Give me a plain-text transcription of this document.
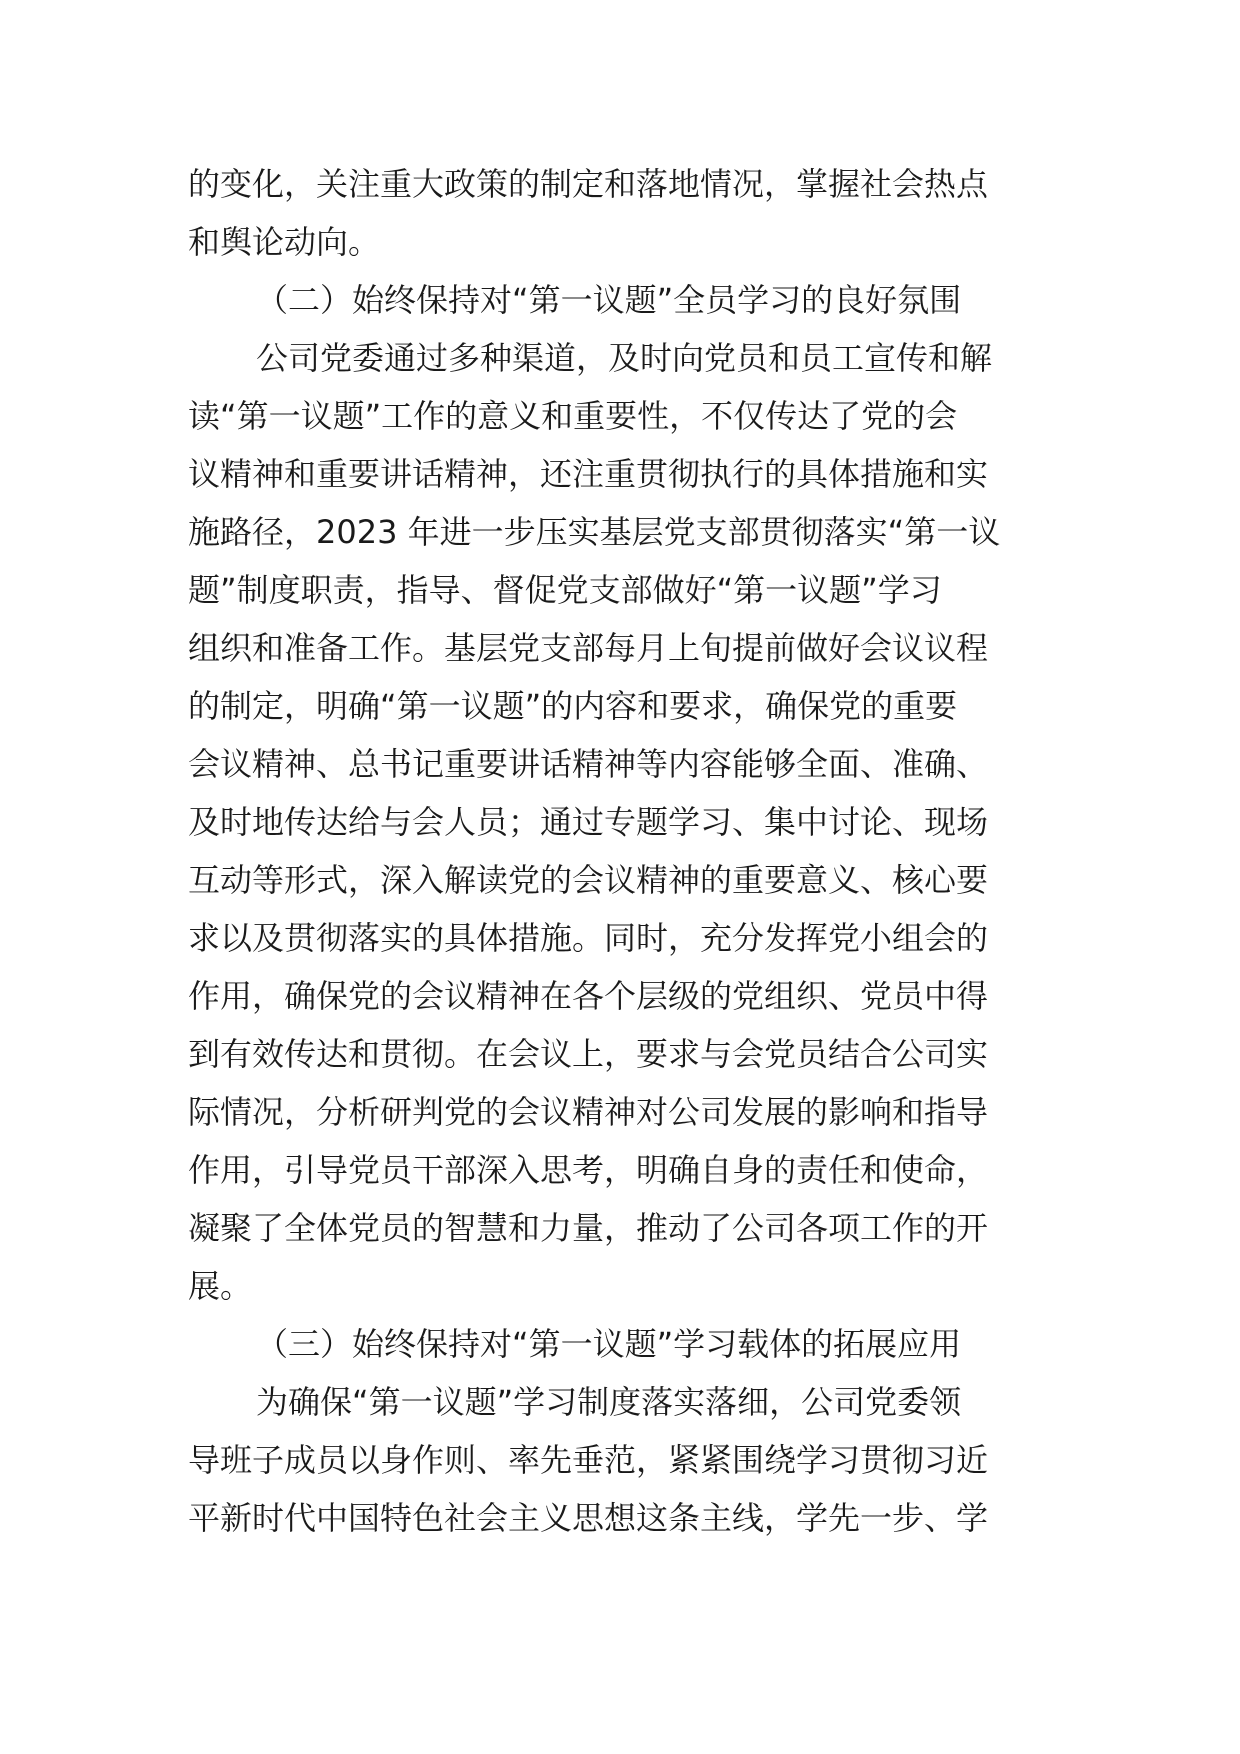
的变化，关注重大政策的制定和落地情况，掌握社会热点
和舆论动向。
（二）始终保持对“第一议题”全员学习的良好氛围
公司党委通过多种渠道，及时向党员和员工宣传和解
读“第一议题”工作的意义和重要性，不仅传达了党的会
议精神和重要讲话精神，还注重贯彻执行的具体措施和实
施路径，2023 年进一步压实基层党支部贯彻落实“第一议
题”制度职责，指导、督促党支部做好“第一议题”学习
组织和准备工作。基层党支部每月上旬提前做好会议议程
的制定，明确“第一议题”的内容和要求，确保党的重要
会议精神、总书记重要讲话精神等内容能够全面、准确、
及时地传达给与会人员；通过专题学习、集中讨论、现场
互动等形式，深入解读党的会议精神的重要意义、核心要
求以及贯彻落实的具体措施。同时，充分发挥党小组会的
作用，确保党的会议精神在各个层级的党组织、党员中得
到有效传达和贯彻。在会议上，要求与会党员结合公司实
际情况，分析研判党的会议精神对公司发展的影响和指导
作用，引导党员干部深入思考，明确自身的责任和使命，
凝聚了全体党员的智慧和力量，推动了公司各项工作的开
展。
（三）始终保持对“第一议题”学习载体的拓展应用
为确保“第一议题”学习制度落实落细，公司党委领
导班子成员以身作则、率先垂范，紧紧围绕学习贯彻习近
平新时代中国特色社会主义思想这条主线，学先一步、学
